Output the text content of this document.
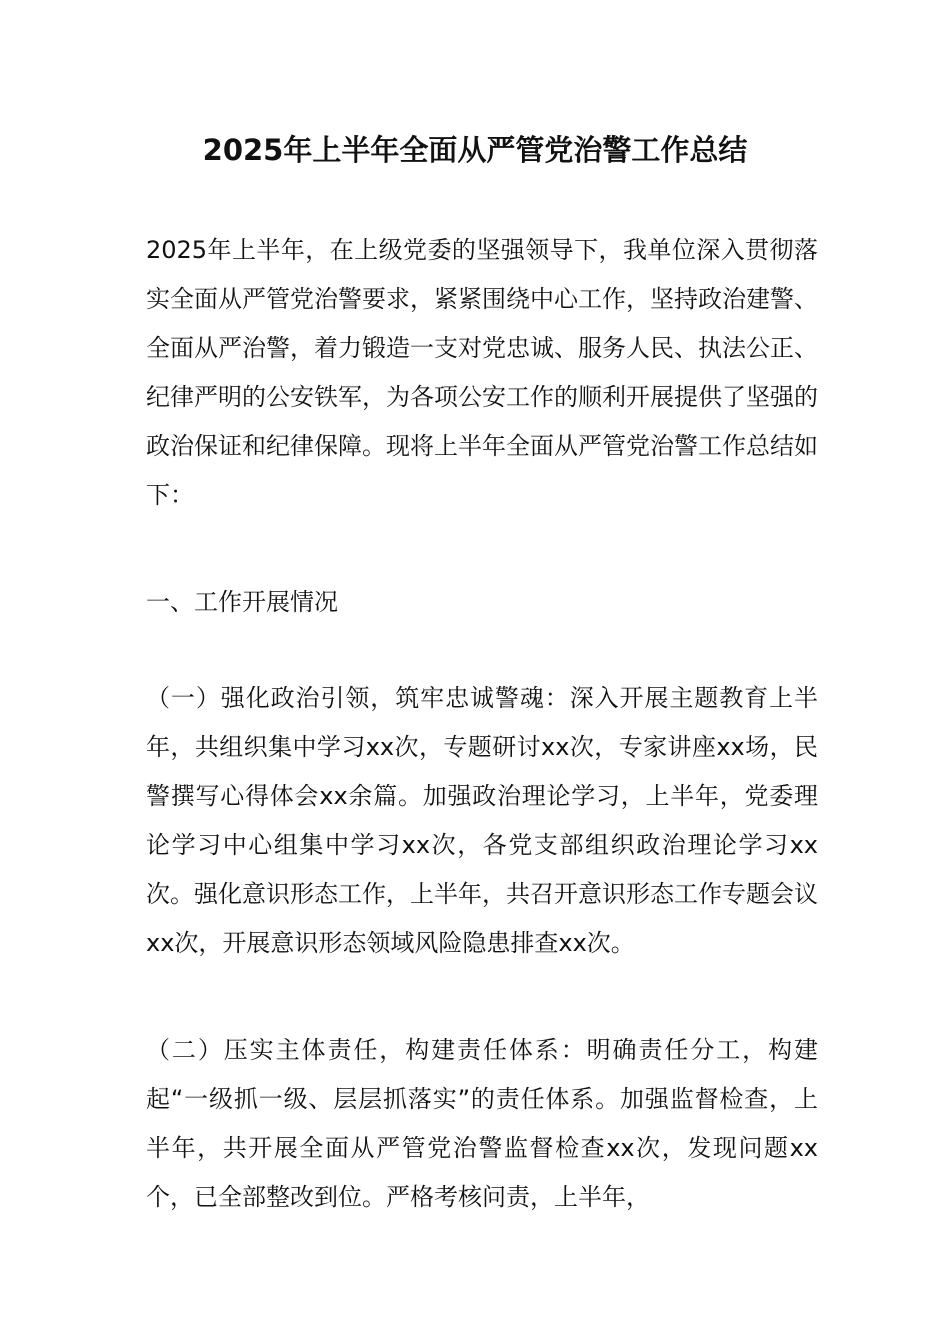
2025年上半年全面从严管党治警工作总结

2025年上半年，在上级党委的坚强领导下，我单位深入贯彻落实全面从严管党治警要求，紧紧围绕中心工作，坚持政治建警、全面从严治警，着力锻造一支对党忠诚、服务人民、执法公正、纪律严明的公安铁军，为各项公安工作的顺利开展提供了坚强的政治保证和纪律保障。现将上半年全面从严管党治警工作总结如下：

一、工作开展情况

（一）强化政治引领，筑牢忠诚警魂：深入开展主题教育上半年，共组织集中学习xx次，专题研讨xx次，专家讲座xx场，民警撰写心得体会xx余篇。加强政治理论学习，上半年，党委理论学习中心组集中学习xx次，各党支部组织政治理论学习xx次。强化意识形态工作，上半年，共召开意识形态工作专题会议xx次，开展意识形态领域风险隐患排查xx次。

（二）压实主体责任，构建责任体系：明确责任分工，构建起“一级抓一级、层层抓落实”的责任体系。加强监督检查，上半年，共开展全面从严管党治警监督检查xx次，发现问题xx个，已全部整改到位。严格考核问责，上半年，
